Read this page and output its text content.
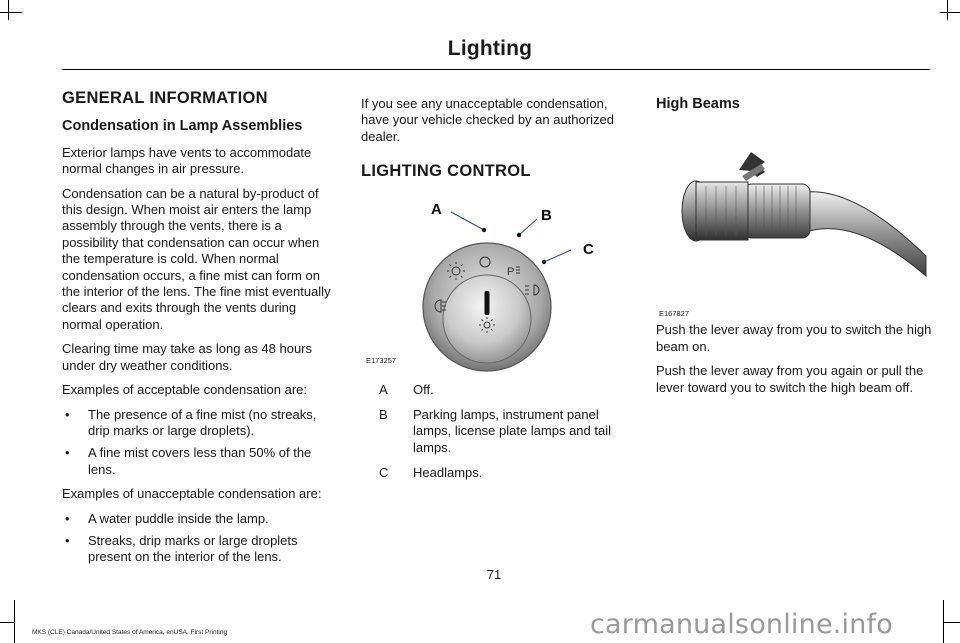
Lighting
GENERAL INFORMATION
Condensation in Lamp Assemblies

Exterior lamps have vents to accommodate normal changes in air pressure.

Condensation can be a natural by-product of this design. When moist air enters the lamp assembly through the vents, there is a possibility that condensation can occur when the temperature is cold. When normal condensation occurs, a fine mist can form on the interior of the lens. The fine mist eventually clears and exits through the vents during normal operation.

Clearing time may take as long as 48 hours under dry weather conditions.

Examples of acceptable condensation are:

• The presence of a fine mist (no streaks, drip marks or large droplets).
• A fine mist covers less than 50% of the lens.

Examples of unacceptable condensation are:

• A water puddle inside the lamp.
• Streaks, drip marks or large droplets present on the interior of the lens.

If you see any unacceptable condensation, have your vehicle checked by an authorized dealer.

LIGHTING CONTROL
P
A	B
C
E173257
A	Off.
B	Parking lamps, instrument panel lamps, license plate lamps and tail lamps.
C	Headlamps.
High Beams
E167827

Push the lever away from you to switch the high beam on.

Push the lever away from you again or pull the lever toward you to switch the high beam off.

71
MKS (CLE) Canada/United States of America, enUSA, First Printing	carmanualsonline.info
